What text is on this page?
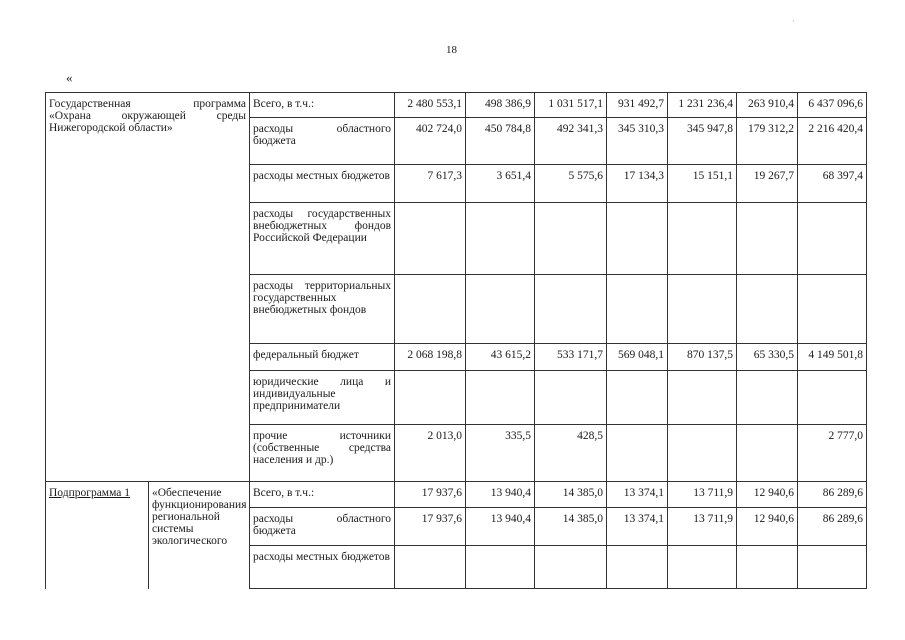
18
«
·
Государственная программа
«Охрана окружающей среды
Нижегородской области»		Всего, в т.ч.:	2 480 553,1	498 386,9	1 031 517,1	931 492,7	1 231 236,4	263 910,4	6 437 096,6
		расходы областного бюджета	402 724,0	450 784,8	492 341,3	345 310,3	345 947,8	179 312,2	2 216 420,4
		расходы местных бюджетов	7 617,3	3 651,4	5 575,6	17 134,3	15 151,1	19 267,7	68 397,4
		расходы государственных внебюджетных фондов Российской Федерации							
		расходы территориальных государственных внебюджетных фондов							
		федеральный бюджет	2 068 198,8	43 615,2	533 171,7	569 048,1	870 137,5	65 330,5	4 149 501,8
		юридические лица и индивидуальные предприниматели							
		прочие источники (собственные средства населения и др.)	2 013,0	335,5	428,5				2 777,0
Подпрограмма 1	«Обеспечение функционирования региональной системы экологического	Всего, в т.ч.:	17 937,6	13 940,4	14 385,0	13 374,1	13 711,9	12 940,6	86 289,6
		расходы областного бюджета	17 937,6	13 940,4	14 385,0	13 374,1	13 711,9	12 940,6	86 289,6
		расходы местных бюджетов							
